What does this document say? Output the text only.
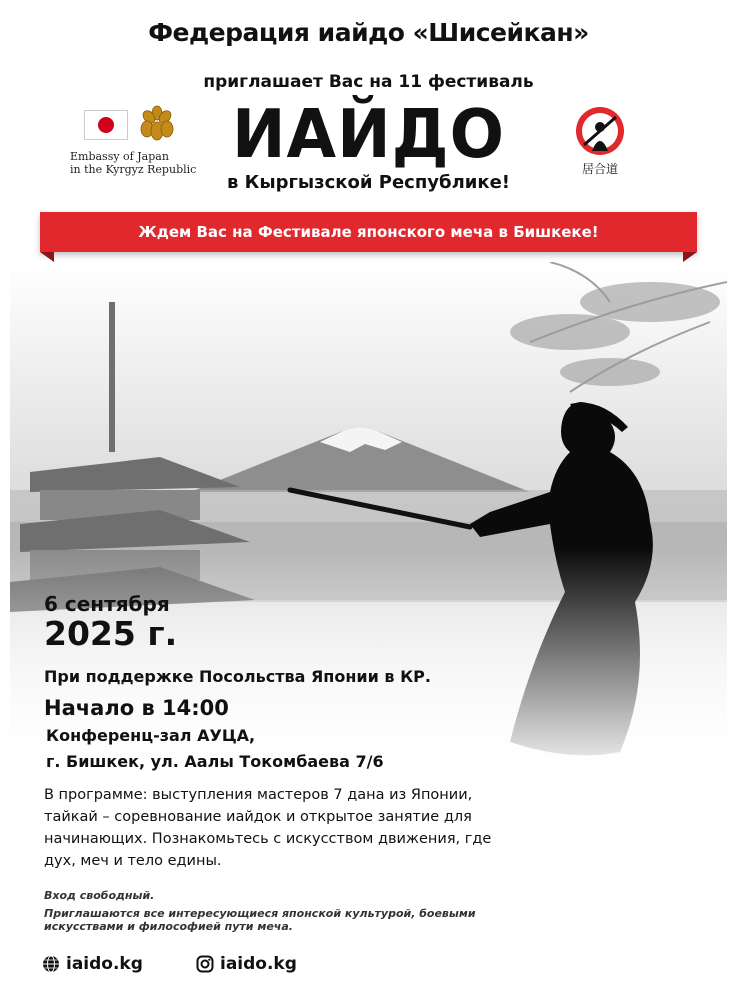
Федерация иайдо «Шисейкан»
приглашает Вас на 11 фестиваль
ИАЙДО
в Кыргызской Республике!
Embassy of Japan
in the Kyrgyz Republic	居合道
Ждем Вас на Фестивале японского меча в Бишкеке!
6 сентября
2025 г.
При поддержке Посольства Японии в КР.
Начало в 14:00
Конференц-зал АУЦА,
г. Бишкек, ул. Аалы Токомбаева 7/6
В программе: выступления мастеров 7 дана из Японии, тайкай – соревнование иайдок и открытое занятие для начинающих. Познакомьтесь с искусством движения, где дух, меч и тело едины.
Вход свободный.
Приглашаются все интересующиеся японской культурой, боевыми искусствами и философией пути меча.
iaido.kg	iaido.kg
